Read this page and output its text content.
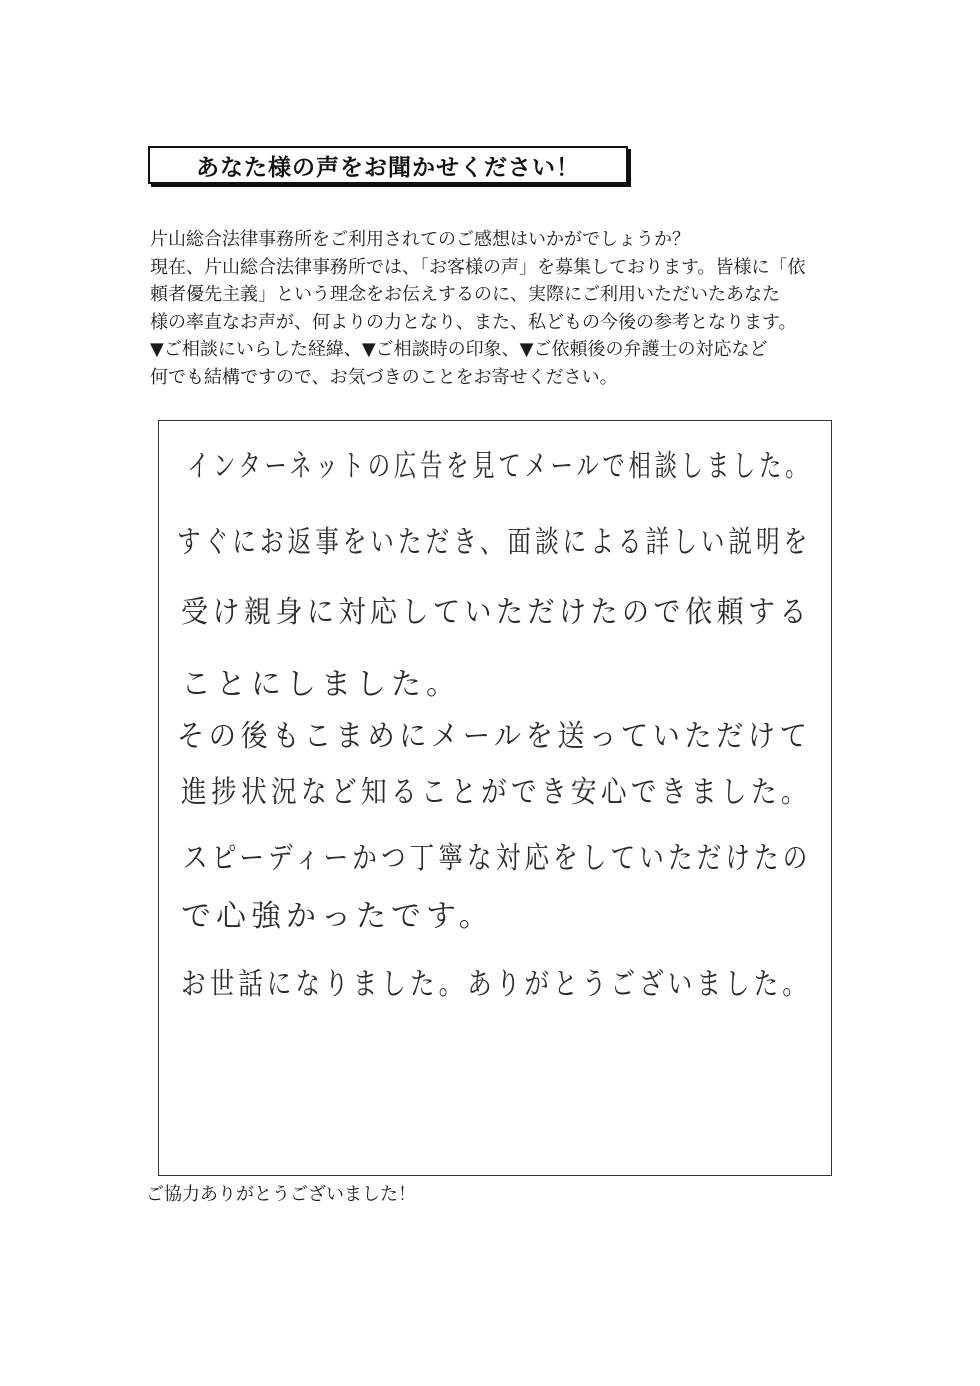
あなた様の声をお聞かせください！
片山総合法律事務所をご利用されてのご感想はいかがでしょうか？
現在、片山総合法律事務所では、「お客様の声」を募集しております。皆様に「依
頼者優先主義」という理念をお伝えするのに、実際にご利用いただいたあなた
様の率直なお声が、何よりの力となり、また、私どもの今後の参考となります。
▼ご相談にいらした経緯、▼ご相談時の印象、▼ご依頼後の弁護士の対応など
何でも結構ですので、お気づきのことをお寄せください。
インターネットの広告を見てメールで相談しました。
すぐにお返事をいただき、面談による詳しい説明を
受け親身に対応していただけたので依頼する
ことにしました。
その後もこまめにメールを送っていただけて
進捗状況など知ることができ安心できました。
スピーディーかつ丁寧な対応をしていただけたの
で心強かったです。
お世話になりました。ありがとうございました。
ご協力ありがとうございました！
